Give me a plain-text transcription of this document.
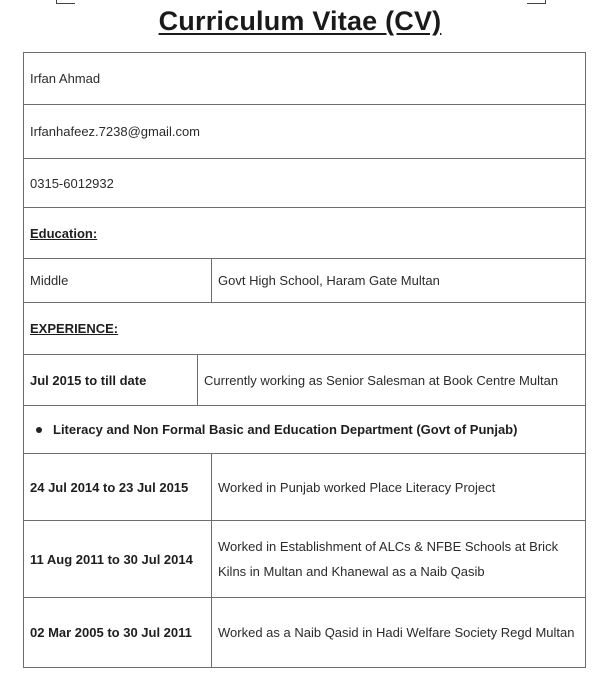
Curriculum Vitae (CV)
Irfan Ahmad		
Irfanhafeez.7238@gmail.com		
0315-6012932		
Education:		
Middle		Govt High School, Haram Gate Multan
EXPERIENCE:		
Jul 2015 to till date	Currently working as Senior Salesman at Book Centre Multan	
Literacy and Non Formal Basic and Education Department (Govt of Punjab)		
24 Jul 2014 to 23 Jul 2015		Worked in Punjab worked Place Literacy Project
11 Aug 2011 to 30 Jul 2014		Worked in Establishment of ALCs & NFBE Schools at Brick Kilns in Multan and Khanewal as a Naib Qasib
02 Mar 2005 to 30 Jul 2011		Worked as a Naib Qasid in Hadi Welfare Society Regd Multan
